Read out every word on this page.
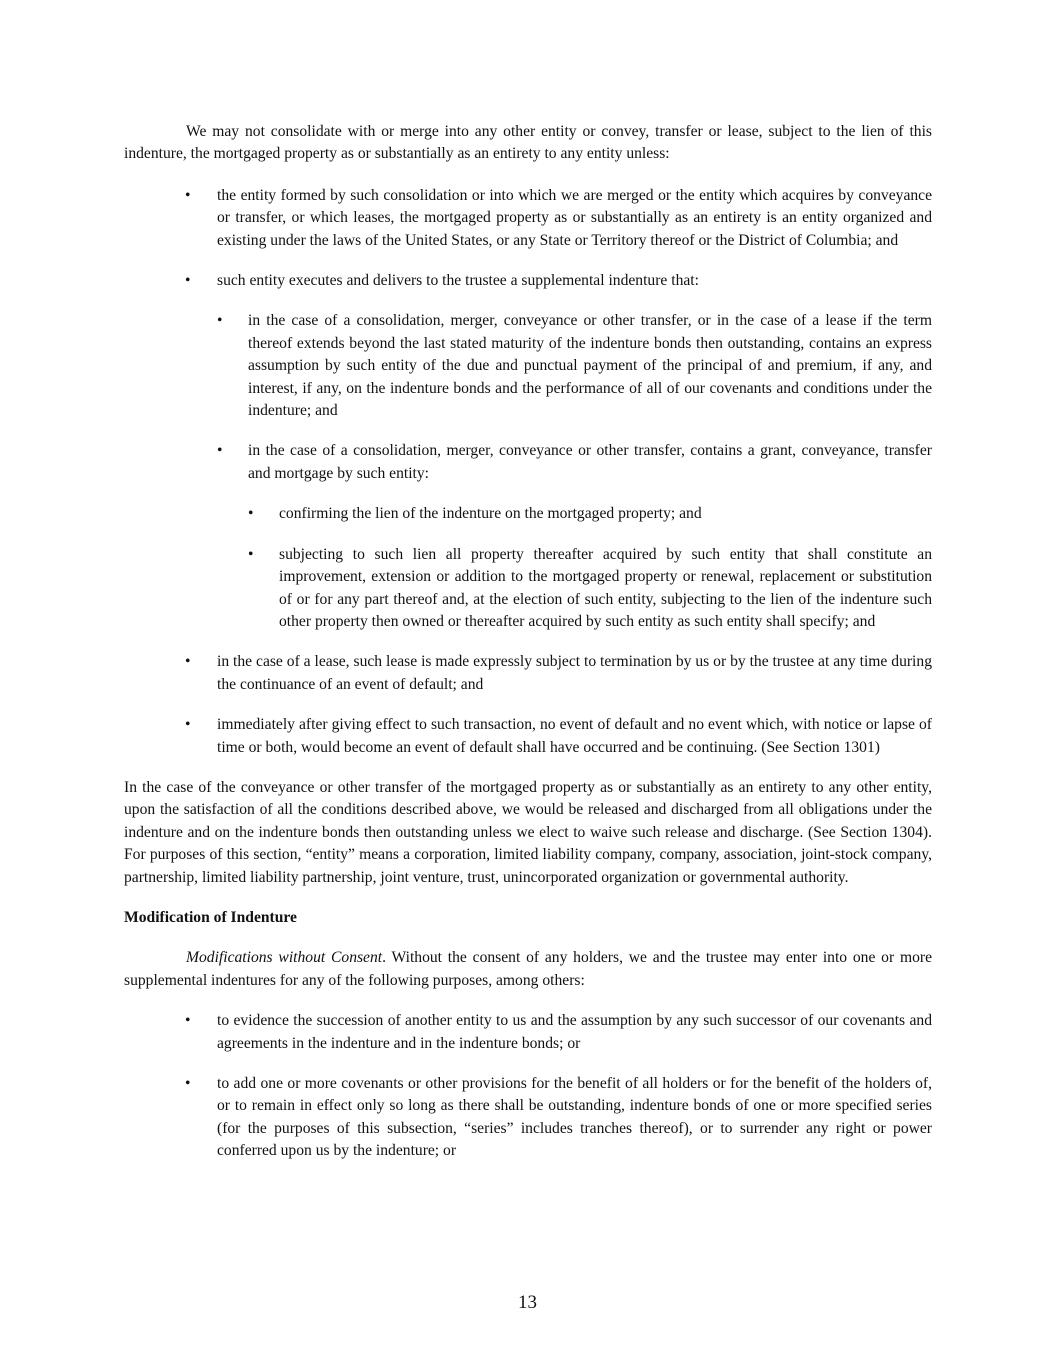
We may not consolidate with or merge into any other entity or convey, transfer or lease, subject to the lien of this indenture, the mortgaged property as or substantially as an entirety to any entity unless:

• the entity formed by such consolidation or into which we are merged or the entity which acquires by conveyance or transfer, or which leases, the mortgaged property as or substantially as an entirety is an entity organized and existing under the laws of the United States, or any State or Territory thereof or the District of Columbia; and
• such entity executes and delivers to the trustee a supplemental indenture that:
• in the case of a consolidation, merger, conveyance or other transfer, or in the case of a lease if the term thereof extends beyond the last stated maturity of the indenture bonds then outstanding, contains an express assumption by such entity of the due and punctual payment of the principal of and premium, if any, and interest, if any, on the indenture bonds and the performance of all of our covenants and conditions under the indenture; and
• in the case of a consolidation, merger, conveyance or other transfer, contains a grant, conveyance, transfer and mortgage by such entity:
• confirming the lien of the indenture on the mortgaged property; and
• subjecting to such lien all property thereafter acquired by such entity that shall constitute an improvement, extension or addition to the mortgaged property or renewal, replacement or substitution of or for any part thereof and, at the election of such entity, subjecting to the lien of the indenture such other property then owned or thereafter acquired by such entity as such entity shall specify; and
• in the case of a lease, such lease is made expressly subject to termination by us or by the trustee at any time during the continuance of an event of default; and
• immediately after giving effect to such transaction, no event of default and no event which, with notice or lapse of time or both, would become an event of default shall have occurred and be continuing. (See Section 1301)

In the case of the conveyance or other transfer of the mortgaged property as or substantially as an entirety to any other entity, upon the satisfaction of all the conditions described above, we would be released and discharged from all obligations under the indenture and on the indenture bonds then outstanding unless we elect to waive such release and discharge. (See Section 1304). For purposes of this section, “entity” means a corporation, limited liability company, company, association, joint-stock company, partnership, limited liability partnership, joint venture, trust, unincorporated organization or governmental authority.

Modification of Indenture

Modifications without Consent. Without the consent of any holders, we and the trustee may enter into one or more supplemental indentures for any of the following purposes, among others:

• to evidence the succession of another entity to us and the assumption by any such successor of our covenants and agreements in the indenture and in the indenture bonds; or
• to add one or more covenants or other provisions for the benefit of all holders or for the benefit of the holders of, or to remain in effect only so long as there shall be outstanding, indenture bonds of one or more specified series (for the purposes of this subsection, “series” includes tranches thereof), or to surrender any right or power conferred upon us by the indenture; or
13
